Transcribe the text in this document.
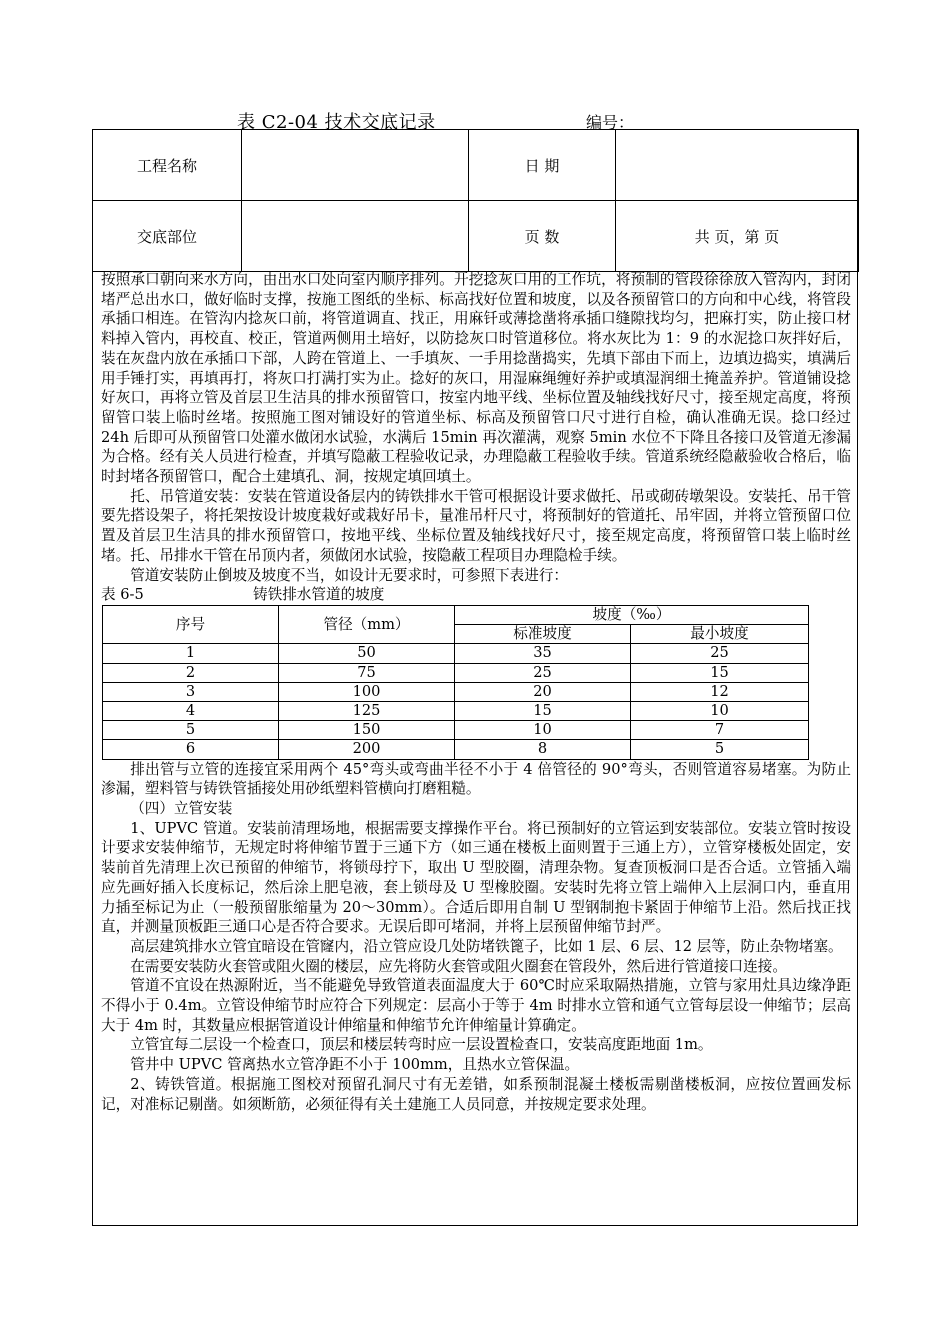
表 C2-04 技术交底记录	编号：
工程名称		日 期	
交底部位		页 数	共 页，第 页

按照承口朝向来水方向，由出水口处向室内顺序排列。开挖捻灰口用的工作坑，将预制的管段徐徐放入管沟内，封闭堵严总出水口，做好临时支撑，按施工图纸的坐标、标高找好位置和坡度，以及各预留管口的方向和中心线，将管段承插口相连。在管沟内捻灰口前，将管道调直、找正，用麻钎或薄捻凿将承插口缝隙找均匀，把麻打实，防止接口材料掉入管内，再校直、校正，管道两侧用土培好，以防捻灰口时管道移位。将水灰比为 1：9 的水泥捻口灰拌好后，装在灰盘内放在承插口下部，人跨在管道上、一手填灰、一手用捻凿捣实，先填下部由下而上，边填边捣实，填满后用手锤打实，再填再打，将灰口打满打实为止。捻好的灰口，用湿麻绳缠好养护或填湿润细土掩盖养护。管道铺设捻好灰口，再将立管及首层卫生洁具的排水预留管口，按室内地平线、坐标位置及轴线找好尺寸，接至规定高度，将预留管口装上临时丝堵。按照施工图对铺设好的管道坐标、标高及预留管口尺寸进行自检，确认准确无误。捻口经过 24h 后即可从预留管口处灌水做闭水试验，水满后 15min 再次灌满，观察 5min 水位不下降且各接口及管道无渗漏为合格。经有关人员进行检查，并填写隐蔽工程验收记录，办理隐蔽工程验收手续。管道系统经隐蔽验收合格后，临时封堵各预留管口，配合土建填孔、洞，按规定填回填土。

托、吊管道安装：安装在管道设备层内的铸铁排水干管可根据设计要求做托、吊或砌砖墩架设。安装托、吊干管要先搭设架子，将托架按设计坡度栽好或栽好吊卡，量准吊杆尺寸，将预制好的管道托、吊牢固，并将立管预留口位置及首层卫生洁具的排水预留管口，按地平线、坐标位置及轴线找好尺寸，接至规定高度，将预留管口装上临时丝堵。托、吊排水干管在吊顶内者，须做闭水试验，按隐蔽工程项目办理隐检手续。

管道安装防止倒坡及坡度不当，如设计无要求时，可参照下表进行：

表 6-5	铸铁排水管道的坡度
序号	管径（mm）	坡度（‰）	
		标准坡度	最小坡度
1	50	35	25
2	75	25	15
3	100	20	12
4	125	15	10
5	150	10	7
6	200	8	5

排出管与立管的连接宜采用两个 45°弯头或弯曲半径不小于 4 倍管径的 90°弯头，否则管道容易堵塞。为防止渗漏，塑料管与铸铁管插接处用砂纸塑料管横向打磨粗糙。

（四）立管安装

1、UPVC 管道。安装前清理场地，根据需要支撑操作平台。将已预制好的立管运到安装部位。安装立管时按设计要求安装伸缩节，无规定时将伸缩节置于三通下方（如三通在楼板上面则置于三通上方），立管穿楼板处固定，安装前首先清理上次已预留的伸缩节，将锁母拧下，取出 U 型胶圈，清理杂物。复查顶板洞口是否合适。立管插入端应先画好插入长度标记，然后涂上肥皂液，套上锁母及 U 型橡胶圈。安装时先将立管上端伸入上层洞口内，垂直用力插至标记为止（一般预留胀缩量为 20～30mm）。合适后即用自制 U 型钢制抱卡紧固于伸缩节上沿。然后找正找直，并测量顶板距三通口心是否符合要求。无误后即可堵洞，并将上层预留伸缩节封严。

高层建筑排水立管宜暗设在管窿内，沿立管应设几处防堵铁篦子，比如 1 层、6 层、12 层等，防止杂物堵塞。

在需要安装防火套管或阻火圈的楼层，应先将防火套管或阻火圈套在管段外，然后进行管道接口连接。

管道不宜设在热源附近，当不能避免导致管道表面温度大于 60℃时应采取隔热措施，立管与家用灶具边缘净距不得小于 0.4m。立管设伸缩节时应符合下列规定：层高小于等于 4m 时排水立管和通气立管每层设一伸缩节；层高大于 4m 时，其数量应根据管道设计伸缩量和伸缩节允许伸缩量计算确定。

立管宜每二层设一个检查口，顶层和楼层转弯时应一层设置检查口，安装高度距地面 1m。

管井中 UPVC 管离热水立管净距不小于 100mm，且热水立管保温。

2、铸铁管道。根据施工图校对预留孔洞尺寸有无差错，如系预制混凝土楼板需剔凿楼板洞，应按位置画发标记，对准标记剔凿。如须断筋，必须征得有关土建施工人员同意，并按规定要求处理。
